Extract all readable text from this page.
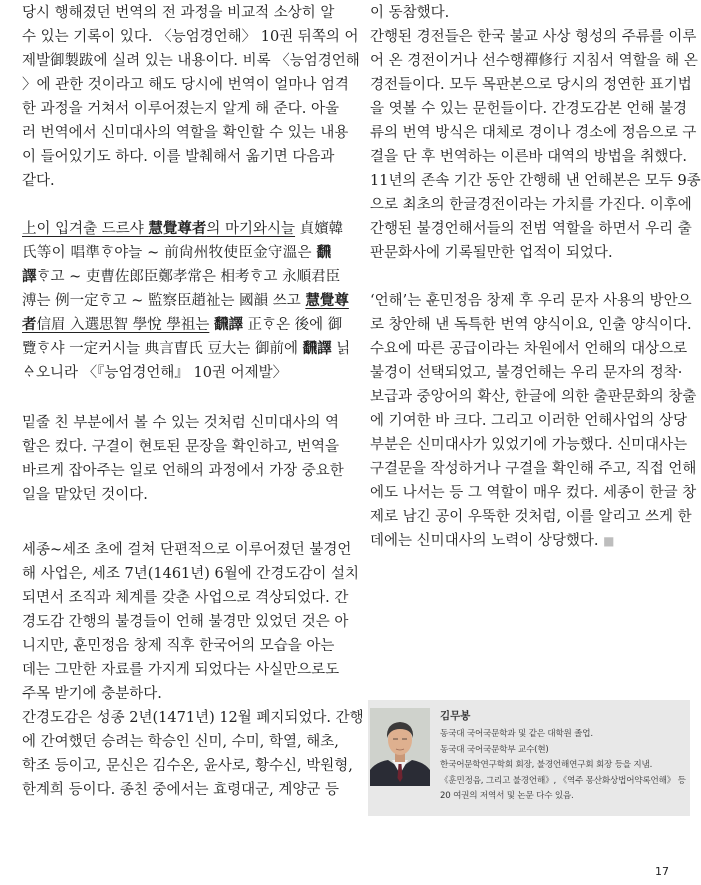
당시 행해졌던 번역의 전 과정을 비교적 소상히 알
수 있는 기록이 있다. 〈능엄경언해〉 10권 뒤쪽의 어
제발御製跋에 실려 있는 내용이다. 비록 〈능엄경언해
〉에 관한 것이라고 해도 당시에 번역이 얼마나 엄격
한 과정을 거쳐서 이루어졌는지 알게 해 준다. 아울
러 번역에서 신미대사의 역할을 확인할 수 있는 내용
이 들어있기도 하다. 이를 발췌해서 옮기면 다음과
같다.
上이 입겨출 드르샤 慧覺尊者의 마기와시늘 貞嬪韓
氏等이 唱準ᄒᆞ야늘 ~ 前尙州牧使臣金守溫은 飜
譯ᄒᆞ고 ~ 吏曹佐郎臣鄭孝常은 相考ᄒᆞ고 永順君臣
溥는 例一定ᄒᆞ고 ~ 監察臣趙祉는 國韻 쓰고 慧覺尊
者信眉 入選思智 學悅 學祖는 飜譯 正ᄒᆞ온 後에 御
覽ᄒᆞ샤 一定커시늘 典言曺氏 豆大는 御前에 飜譯 닑
ᅀᆞ오니라 〈『능엄경언해』 10권 어제발〉
밑줄 친 부분에서 볼 수 있는 것처럼 신미대사의 역
할은 컸다. 구결이 현토된 문장을 확인하고, 번역을
바르게 잡아주는 일로 언해의 과정에서 가장 중요한
일을 맡았던 것이다.
세종~세조 초에 걸쳐 단편적으로 이루어졌던 불경언
해 사업은, 세조 7년(1461년) 6월에 간경도감이 설치
되면서 조직과 체계를 갖춘 사업으로 격상되었다. 간
경도감 간행의 불경들이 언해 불경만 있었던 것은 아
니지만, 훈민정음 창제 직후 한국어의 모습을 아는
데는 그만한 자료를 가지게 되었다는 사실만으로도
주목 받기에 충분하다.
간경도감은 성종 2년(1471년) 12월 폐지되었다. 간행
에 간여했던 승려는 학승인 신미, 수미, 학열, 해초,
학조 등이고, 문신은 김수온, 윤사로, 황수신, 박원형,
한계희 등이다. 종친 중에서는 효령대군, 계양군 등
이 동참했다.
간행된 경전들은 한국 불교 사상 형성의 주류를 이루
어 온 경전이거나 선수행禪修行 지침서 역할을 해 온
경전들이다. 모두 목판본으로 당시의 정연한 표기법
을 엿볼 수 있는 문헌들이다. 간경도감본 언해 불경
류의 번역 방식은 대체로 경이나 경소에 정음으로 구
결을 단 후 번역하는 이른바 대역의 방법을 취했다.
11년의 존속 기간 동안 간행해 낸 언해본은 모두 9종
으로 최초의 한글경전이라는 가치를 가진다. 이후에
간행된 불경언해서들의 전범 역할을 하면서 우리 출
판문화사에 기록될만한 업적이 되었다.
‘언해’는 훈민정음 창제 후 우리 문자 사용의 방안으
로 창안해 낸 독특한 번역 양식이요, 인출 양식이다.
수요에 따른 공급이라는 차원에서 언해의 대상으로
불경이 선택되었고, 불경언해는 우리 문자의 정착·
보급과 중앙어의 확산, 한글에 의한 출판문화의 창출
에 기여한 바 크다. 그리고 이러한 언해사업의 상당
부분은 신미대사가 있었기에 가능했다. 신미대사는
구결문을 작성하거나 구결을 확인해 주고, 직접 언해
에도 나서는 등 그 역할이 매우 컸다. 세종이 한글 창
제로 남긴 공이 우뚝한 것처럼, 이를 알리고 쓰게 한
데에는 신미대사의 노력이 상당했다. ■
김무봉
동국대 국어국문학과 및 같은 대학원 졸업.
동국대 국어국문학부 교수(현)
한국어문학연구학회 회장, 불경언해연구회 회장 등을 지냄.
《훈민정음, 그리고 불경언해》, 《역주 몽산화상법어약록언해》 등
20 여권의 저역서 및 논문 다수 있음.
17
